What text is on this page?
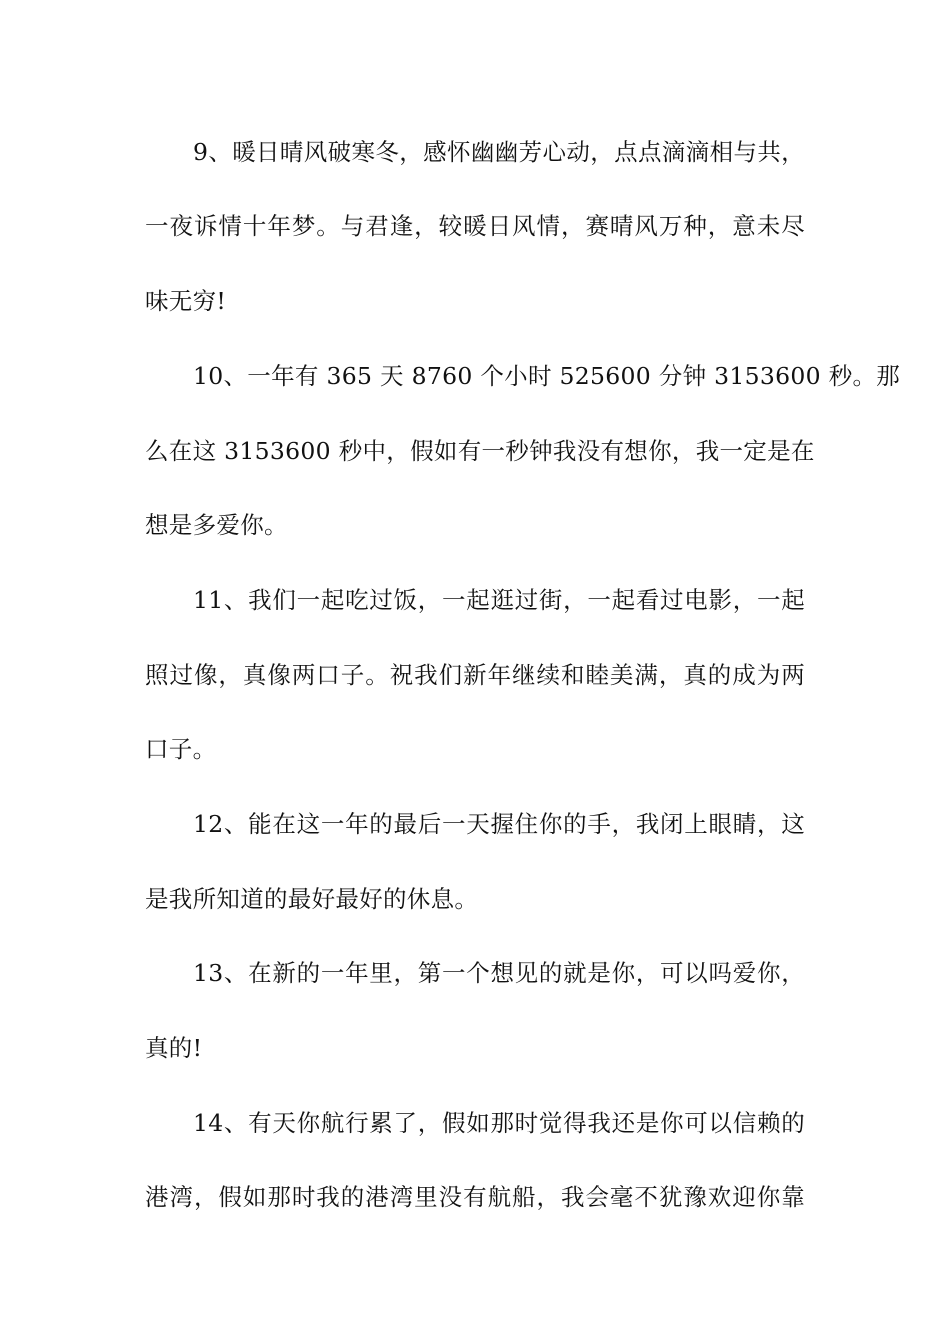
9、暖日晴风破寒冬，感怀幽幽芳心动，点点滴滴相与共，
一夜诉情十年梦。与君逢，较暖日风情，赛晴风万种，意未尽
味无穷!
10、一年有 365 天 8760 个小时 525600 分钟 3153600 秒。那
么在这 3153600 秒中，假如有一秒钟我没有想你，我一定是在
想是多爱你。
11、我们一起吃过饭，一起逛过街，一起看过电影，一起
照过像，真像两口子。祝我们新年继续和睦美满，真的成为两
口子。
12、能在这一年的最后一天握住你的手，我闭上眼睛，这
是我所知道的最好最好的休息。
13、在新的一年里，第一个想见的就是你，可以吗爱你，
真的!
14、有天你航行累了，假如那时觉得我还是你可以信赖的
港湾，假如那时我的港湾里没有航船，我会毫不犹豫欢迎你靠
